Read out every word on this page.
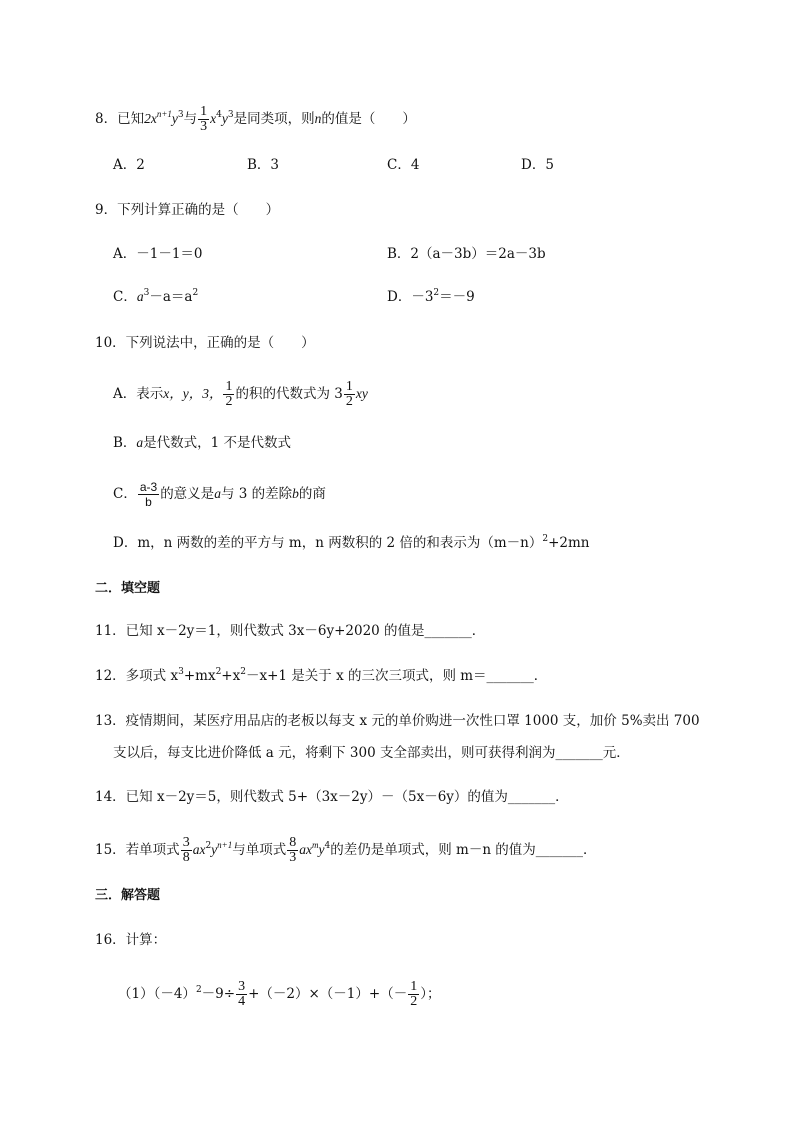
8．已知$2x^{n+1}y^3$与 $\frac{1}{3} x^4y^3$是同类项，则n的值是（　　）
A．2	B．3	C．4	D．5
9．下列计算正确的是（　　）
A．－1－1＝0	B．2（a－3b）＝2a－3b
C．$a^3-a=a^2$	D．$-3^2=-9$
10．下列说法中，正确的是（　　）
A．表示x，y，3， $\frac{1}{2}$ 的积的代数式为 $3 \frac{1}{2}$ xy
B．a是代数式，1 不是代数式
C． $\frac{a-3}{b}$ 的意义是a与 3 的差除b的商
D．m，n 两数的差的平方与 m，n 两数积的 2 倍的和表示为$(m-n)^2+2mn$
二．填空题
11．已知 x－2y＝1，则代数式 3x－6y+2020 的值是_______．
12．多项式 $x^3+mx^2+x^2-x+1$ 是关于 x 的三次三项式，则 m＝_______．
13．疫情期间，某医疗用品店的老板以每支 x 元的单价购进一次性口罩 1000 支，加价 5%卖出 700
支以后，每支比进价降低 a 元，将剩下 300 支全部卖出，则可获得利润为_______元．
14．已知 x－2y＝5，则代数式 5+（3x－2y）－（5x－6y）的值为_______．
15．若单项式 $\frac{3}{8} ax^2y^{n+1}$与单项式 $\frac{8}{3} ax^my^4$的差仍是单项式，则 m－n 的值为_______．
三．解答题
16．计算：
$(1)(-4)^2-9\div \frac{3}{4} +(-2)\times(-1)+(- \frac{1}{2}$ ）；
